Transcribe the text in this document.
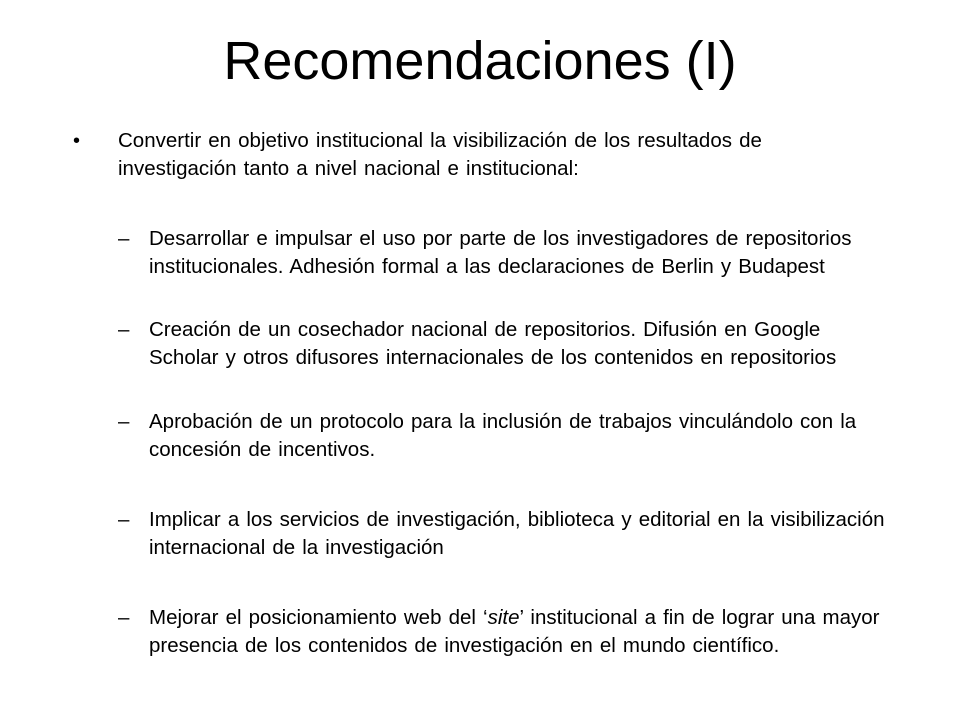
Recomendaciones (I)
• Convertir en objetivo institucional la visibilización de los resultados de investigación tanto a nivel nacional e institucional:
– Desarrollar e impulsar el uso por parte de los investigadores de repositorios institucionales. Adhesión formal a las declaraciones de Berlin y Budapest
– Creación de un cosechador nacional de repositorios. Difusión en Google Scholar y otros difusores internacionales de los contenidos en repositorios
– Aprobación de un protocolo para la inclusión de trabajos vinculándolo con la concesión de incentivos.
– Implicar a los servicios de investigación, biblioteca y editorial en la visibilización internacional de la investigación
– Mejorar el posicionamiento web del ‘site’ institucional a fin de lograr una mayor presencia de los contenidos de investigación en el mundo científico.
